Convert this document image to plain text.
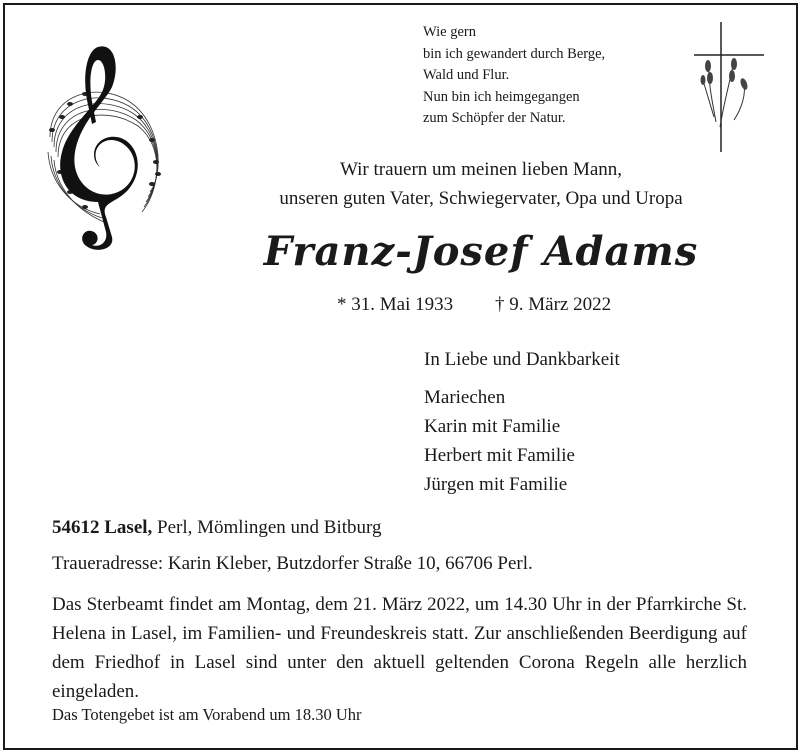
Wie gern
bin ich gewandert durch Berge,
Wald und Flur.
Nun bin ich heimgegangen
zum Schöpfer der Natur.
Wir trauern um meinen lieben Mann,
unseren guten Vater, Schwiegervater, Opa und Uropa
Franz-Josef Adams
* 31. Mai 1933 † 9. März 2022
In Liebe und Dankbarkeit
Mariechen
Karin mit Familie
Herbert mit Familie
Jürgen mit Familie
54612 Lasel, Perl, Mömlingen und Bitburg
Traueradresse: Karin Kleber, Butzdorfer Straße 10, 66706 Perl.
Das Sterbeamt findet am Montag, dem 21. März 2022, um 14.30 Uhr in der Pfarrkirche St. Helena in Lasel, im Familien- und Freundeskreis statt. Zur anschließenden Beerdigung auf dem Friedhof in Lasel sind unter den aktuell geltenden Corona Regeln alle herzlich eingeladen.
Das Totengebet ist am Vorabend um 18.30 Uhr
